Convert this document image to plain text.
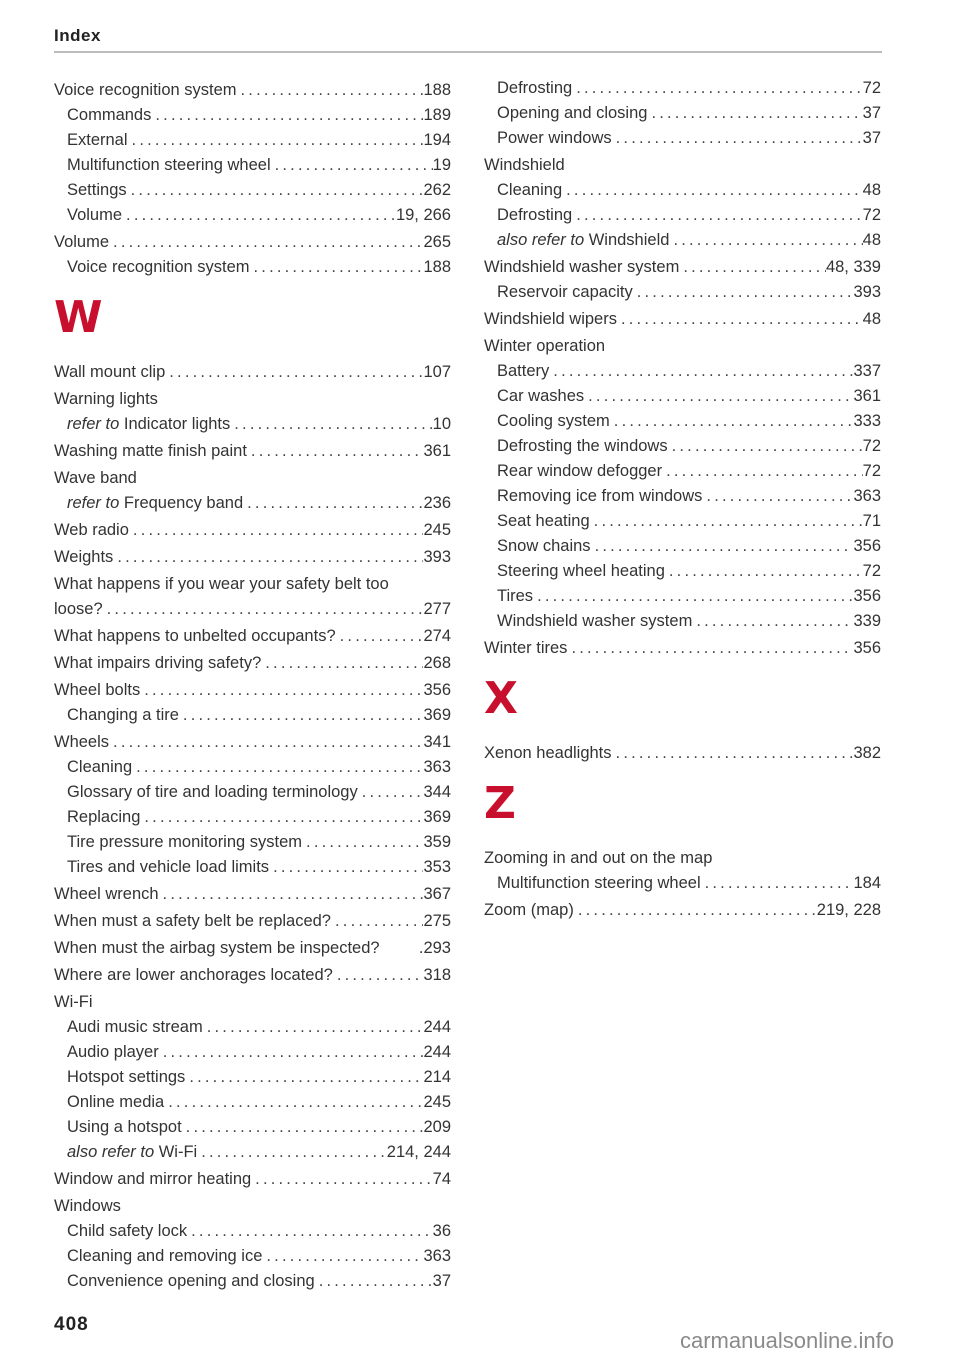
Index
Voice recognition system .....	188
Commands .....	189
External .....	194
Multifunction steering wheel .....	19
Settings .....	262
Volume .....	19, 266
Volume .....	265
Voice recognition system .....	188
W
Wall mount clip .....	107
Warning lights
refer to Indicator lights .....	10
Washing matte finish paint .....	361
Wave band
refer to Frequency band .....	236
Web radio .....	245
Weights .....	393
What happens if you wear your safety belt too
loose? .....	277
What happens to unbelted occupants? .....	274
What impairs driving safety? .....	268
Wheel bolts .....	356
Changing a tire .....	369
Wheels .....	341
Cleaning .....	363
Glossary of tire and loading terminology .....	344
Replacing .....	369
Tire pressure monitoring system .....	359
Tires and vehicle load limits .....	353
Wheel wrench .....	367
When must a safety belt be replaced? .....	275
When must the airbag system be inspected? .293
Where are lower anchorages located? .....	318
Wi-Fi
Audi music stream .....	244
Audio player .....	244
Hotspot settings .....	214
Online media .....	245
Using a hotspot .....	209
also refer to Wi-Fi .....	214, 244
Window and mirror heating .....	74
Windows
Child safety lock .....	36
Cleaning and removing ice .....	363
Convenience opening and closing .....	37
Defrosting .....	72
Opening and closing .....	37
Power windows .....	37
Windshield
Cleaning .....	48
Defrosting .....	72
also refer to Windshield .....	48
Windshield washer system .....	48, 339
Reservoir capacity .....	393
Windshield wipers .....	48
Winter operation
Battery .....	337
Car washes .....	361
Cooling system .....	333
Defrosting the windows .....	72
Rear window defogger .....	72
Removing ice from windows .....	363
Seat heating .....	71
Snow chains .....	356
Steering wheel heating .....	72
Tires .....	356
Windshield washer system .....	339
Winter tires .....	356
X
Xenon headlights .....	382
Z
Zooming in and out on the map
Multifunction steering wheel .....	184
Zoom (map) .....	219, 228
408
carmanualsonline.info
